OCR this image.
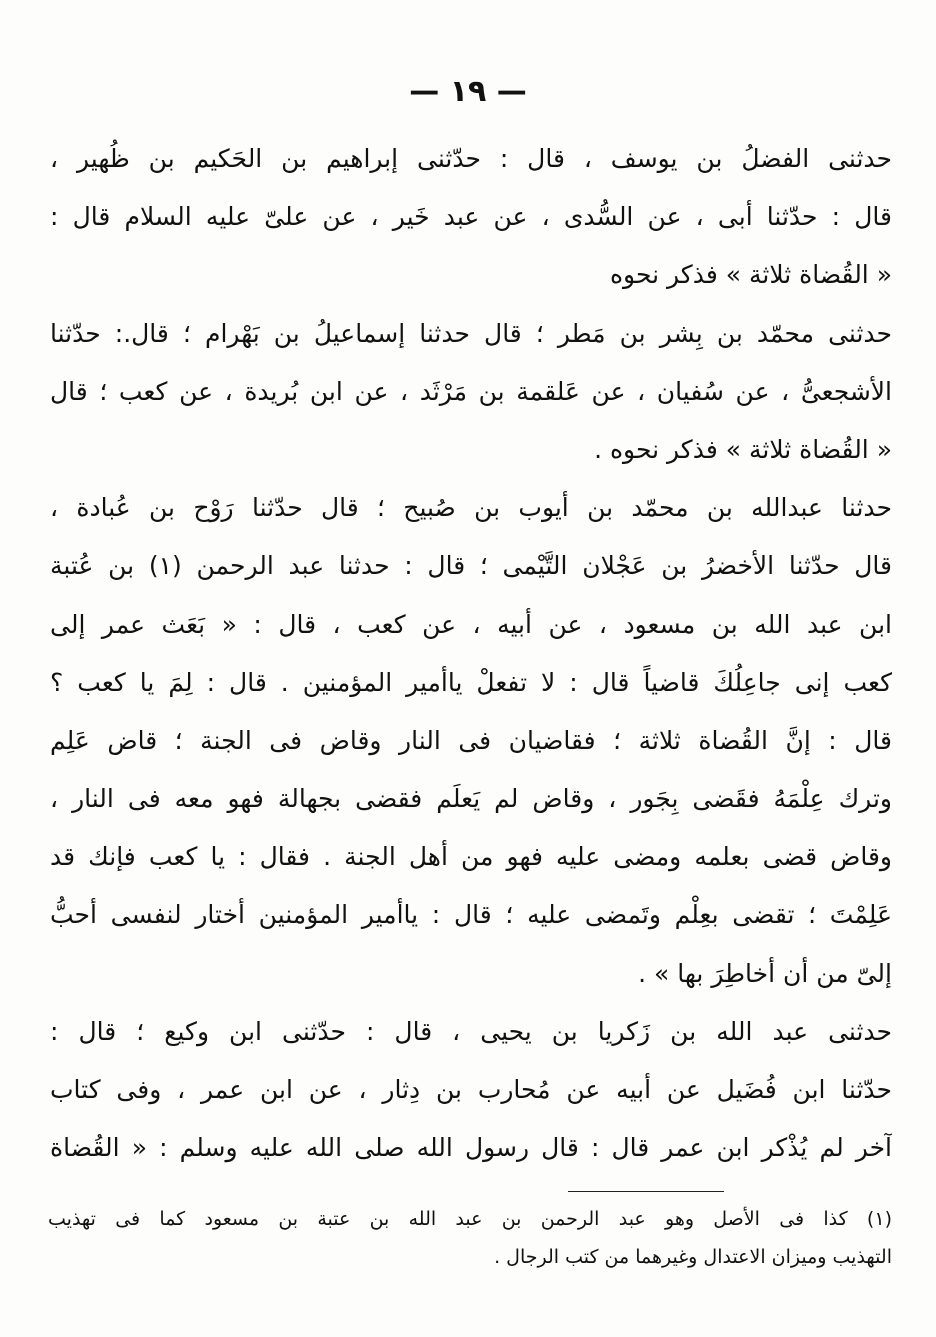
— ١٩ —
حدثنى الفضلُ بن يوسف ، قال : حدّثنى إبراهيم بن الحَكيم بن ظُهير ،
قال : حدّثنا أبى ، عن السُّدى ، عن عبد خَير ، عن علىّ عليه السلام قال :
« القُضاة ثلاثة » فذكر نحوه
حدثنى محمّد بن بِشر بن مَطر ؛ قال حدثنا إسماعيلُ بن بَهْرام ؛ قال.: حدّثنا
الأشجعىُّ ، عن سُفيان ، عن عَلقمة بن مَرْثَد ، عن ابن بُريدة ، عن كعب ؛ قال
« القُضاة ثلاثة » فذكر نحوه .
حدثنا عبدالله بن محمّد بن أيوب بن صُبيح ؛ قال حدّثنا رَوْح بن عُبادة ،
قال حدّثنا الأخضرُ بن عَجْلان التَّيْمى ؛ قال : حدثنا عبد الرحمن (١) بن عُتبة
ابن عبد الله بن مسعود ، عن أبيه ، عن كعب ، قال : « بَعَث عمر إلى
كعب إنى جاعِلُكَ قاضياً قال : لا تفعلْ ياأمير المؤمنين . قال : لِمَ يا كعب ؟
قال : إنَّ القُضاة ثلاثة ؛ فقاضيان فى النار وقاض فى الجنة ؛ قاض عَلِم
وترك عِلْمَهُ فقَضى بِجَور ، وقاض لم يَعلَم فقضى بجهالة فهو معه فى النار ،
وقاض قضى بعلمه ومضى عليه فهو من أهل الجنة . فقال : يا كعب فإنك قد
عَلِمْتَ ؛ تقضى بعِلْم وتَمضى عليه ؛ قال : ياأمير المؤمنين أختار لنفسى أحبُّ
إلىّ من أن أخاطِرَ بها » .
حدثنى عبد الله بن زَكريا بن يحيى ، قال : حدّثنى ابن وكيع ؛ قال :
حدّثنا ابن فُضَيل عن أبيه عن مُحارب بن دِثار ، عن ابن عمر ، وفى كتاب
آخر لم يُذْكر ابن عمر قال : قال رسول الله صلى الله عليه وسلم : « القُضاة
(١) كذا فى الأصل وهو عبد الرحمن بن عبد الله بن عتبة بن مسعود كما فى تهذيب
التهذيب وميزان الاعتدال وغيرهما من كتب الرجال .
